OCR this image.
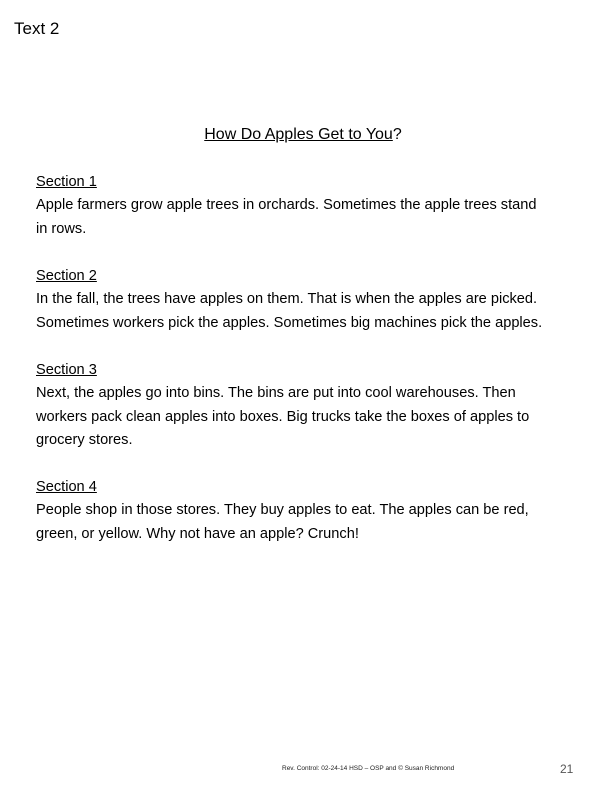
Text 2
How Do Apples Get to You?
Section 1
Apple farmers grow apple trees in orchards. Sometimes the apple trees stand
in rows.
Section 2
In the fall, the trees have apples on them. That is when the apples are picked.
Sometimes workers pick the apples. Sometimes big machines pick the apples.
Section 3
Next, the apples go into bins. The bins are put into cool warehouses. Then
workers pack clean apples into boxes. Big trucks take the boxes of apples to
grocery stores.
Section 4
People shop in those stores. They buy apples to eat. The apples can be red,
green, or yellow. Why not have an apple? Crunch!
Rev. Control: 02-24-14 HSD – OSP and © Susan Richmond	21
